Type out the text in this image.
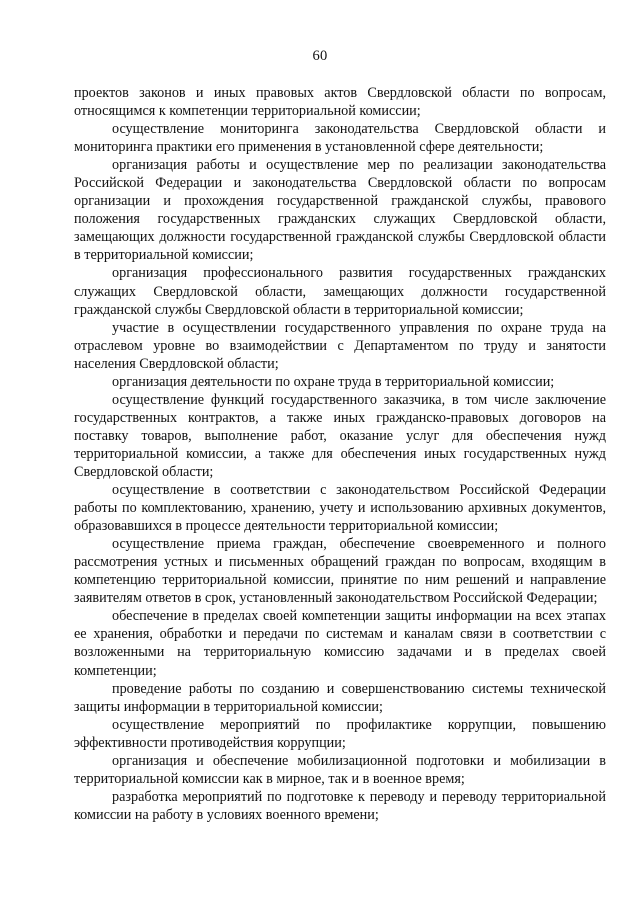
60

проектов законов и иных правовых актов Свердловской области по вопросам, относящимся к компетенции территориальной комиссии;

осуществление мониторинга законодательства Свердловской области и мониторинга практики его применения в установленной сфере деятельности;

организация работы и осуществление мер по реализации законодательства Российской Федерации и законодательства Свердловской области по вопросам организации и прохождения государственной гражданской службы, правового положения государственных гражданских служащих Свердловской области, замещающих должности государственной гражданской службы Свердловской области в территориальной комиссии;

организация профессионального развития государственных гражданских служащих Свердловской области, замещающих должности государственной гражданской службы Свердловской области в территориальной комиссии;

участие в осуществлении государственного управления по охране труда на отраслевом уровне во взаимодействии с Департаментом по труду и занятости населения Свердловской области;

организация деятельности по охране труда в территориальной комиссии;

осуществление функций государственного заказчика, в том числе заключение государственных контрактов, а также иных гражданско-правовых договоров на поставку товаров, выполнение работ, оказание услуг для обеспечения нужд территориальной комиссии, а также для обеспечения иных государственных нужд Свердловской области;

осуществление в соответствии с законодательством Российской Федерации работы по комплектованию, хранению, учету и использованию архивных документов, образовавшихся в процессе деятельности территориальной комиссии;

осуществление приема граждан, обеспечение своевременного и полного рассмотрения устных и письменных обращений граждан по вопросам, входящим в компетенцию территориальной комиссии, принятие по ним решений и направление заявителям ответов в срок, установленный законодательством Российской Федерации;

обеспечение в пределах своей компетенции защиты информации на всех этапах ее хранения, обработки и передачи по системам и каналам связи в соответствии с возложенными на территориальную комиссию задачами и в пределах своей компетенции;

проведение работы по созданию и совершенствованию системы технической защиты информации в территориальной комиссии;

осуществление мероприятий по профилактике коррупции, повышению эффективности противодействия коррупции;

организация и обеспечение мобилизационной подготовки и мобилизации в территориальной комиссии как в мирное, так и в военное время;

разработка мероприятий по подготовке к переводу и переводу территориальной комиссии на работу в условиях военного времени;
